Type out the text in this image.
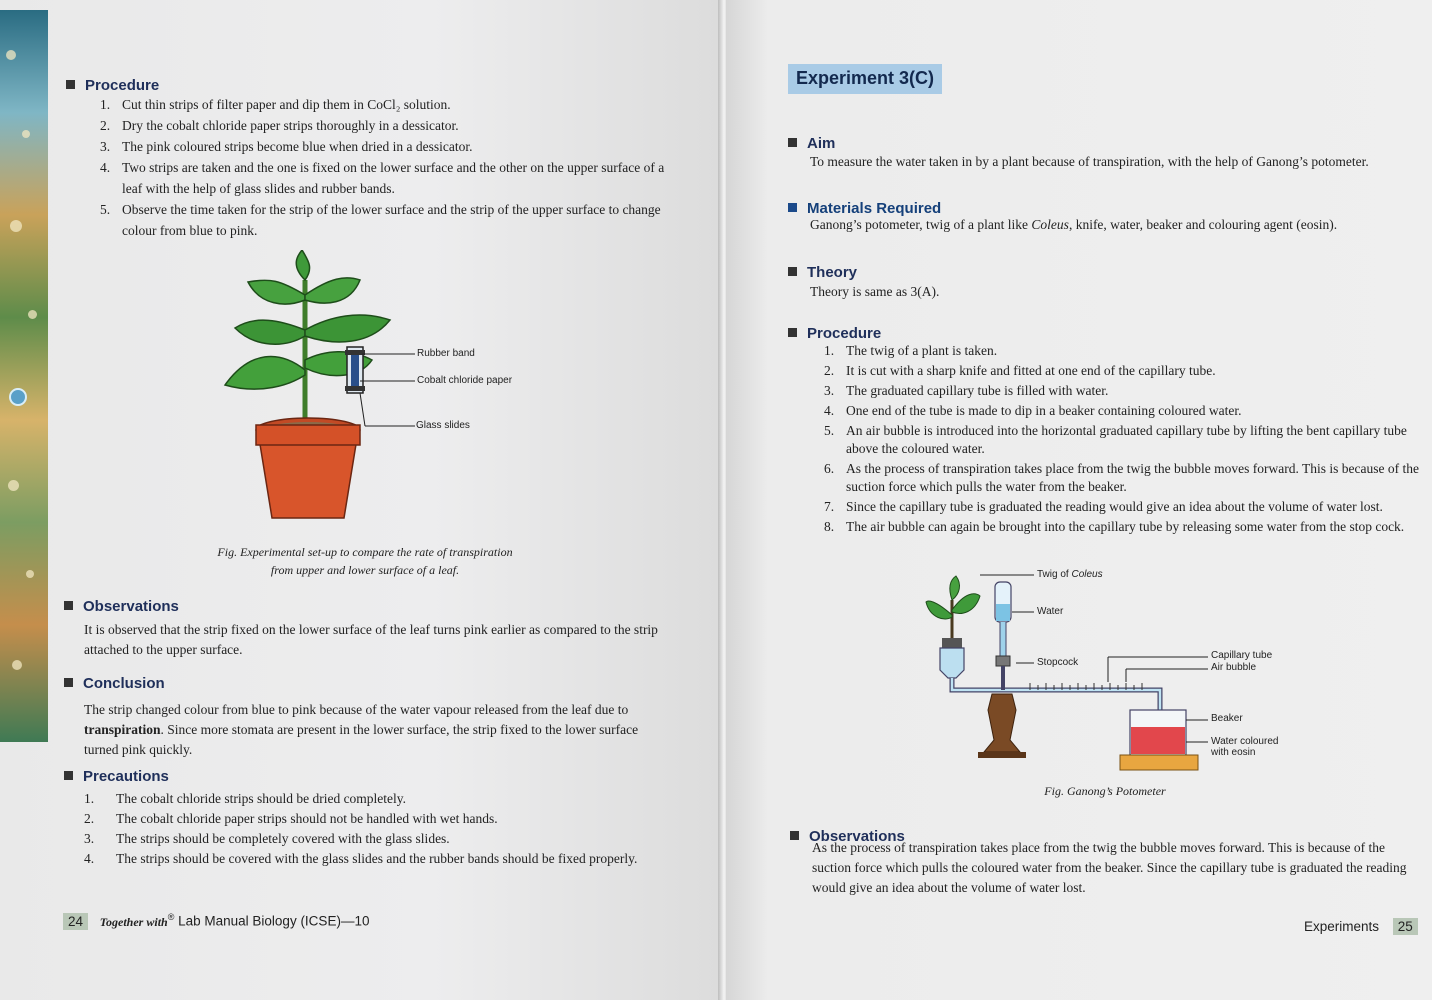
Procedure
1. Cut thin strips of filter paper and dip them in CoCl₂ solution.
2. Dry the cobalt chloride paper strips thoroughly in a dessicator.
3. The pink coloured strips become blue when dried in a dessicator.
4. Two strips are taken and the one is fixed on the lower surface and the other on the upper surface of a leaf with the help of glass slides and rubber bands.
5. Observe the time taken for the strip of the lower surface and the strip of the upper surface to change colour from blue to pink.
Rubber band
Cobalt chloride paper
Glass slides
Fig. Experimental set-up to compare the rate of transpiration
from upper and lower surface of a leaf.
Observations
It is observed that the strip fixed on the lower surface of the leaf turns pink earlier as compared to the strip attached to the upper surface.
Conclusion
The strip changed colour from blue to pink because of the water vapour released from the leaf due to transpiration. Since more stomata are present in the lower surface, the strip fixed to the lower surface turned pink quickly.
Precautions
1. The cobalt chloride strips should be dried completely.
2. The cobalt chloride paper strips should not be handled with wet hands.
3. The strips should be completely covered with the glass slides.
4. The strips should be covered with the glass slides and the rubber bands should be fixed properly.
24 Together with® Lab Manual Biology (ICSE)—10
Experiment 3(C)
Aim
To measure the water taken in by a plant because of transpiration, with the help of Ganong’s potometer.
Materials Required
Ganong’s potometer, twig of a plant like Coleus, knife, water, beaker and colouring agent (eosin).
Theory
Theory is same as 3(A).
Procedure
1. The twig of a plant is taken.
2. It is cut with a sharp knife and fitted at one end of the capillary tube.
3. The graduated capillary tube is filled with water.
4. One end of the tube is made to dip in a beaker containing coloured water.
5. An air bubble is introduced into the horizontal graduated capillary tube by lifting the bent capillary tube above the coloured water.
6. As the process of transpiration takes place from the twig the bubble moves forward. This is because of the suction force which pulls the water from the beaker.
7. Since the capillary tube is graduated the reading would give an idea about the volume of water lost.
8. The air bubble can again be brought into the capillary tube by releasing some water from the stop cock.
Twig of Coleus
Water
Stopcock
Capillary tube
Air bubble
Beaker
Water coloured
with eosin
Fig. Ganong’s Potometer
Observations
As the process of transpiration takes place from the twig the bubble moves forward. This is because of the suction force which pulls the coloured water from the beaker. Since the capillary tube is graduated the reading would give an idea about the volume of water lost.
Experiments 25
